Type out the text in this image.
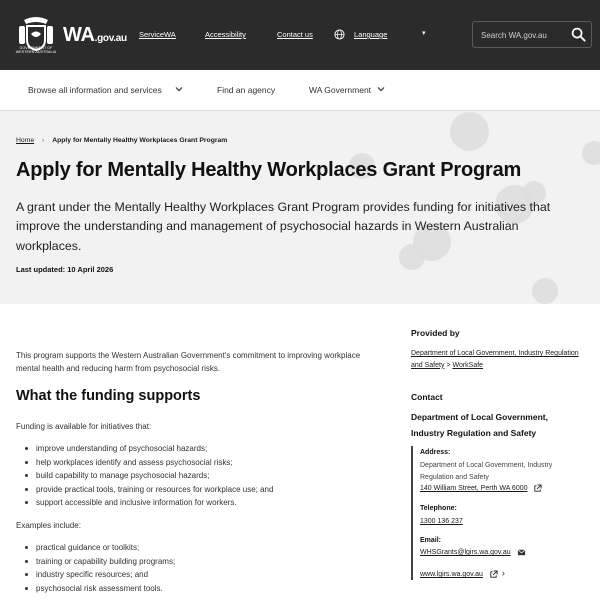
GOVERNMENT OF WESTERN AUSTRALIA
WA.gov.au ServiceWA	Accessibility	Contact us	Language	▾
Search WA.gov.au
Browse all information and services	Find an agency	WA Government
Home › Apply for Mentally Healthy Workplaces Grant Program
Apply for Mentally Healthy Workplaces Grant Program

A grant under the Mentally Healthy Workplaces Grant Program provides funding for initiatives that improve the understanding and management of psychosocial hazards in Western Australian workplaces.

Last updated: 10 April 2026

This program supports the Western Australian Government's commitment to improving workplace mental health and reducing harm from psychosocial risks.

What the funding supports

Funding is available for initiatives that:

improve understanding of psychosocial hazards;
help workplaces identify and assess psychosocial risks;
build capability to manage psychosocial hazards;
provide practical tools, training or resources for workplace use; and
support accessible and inclusive information for workers.

Examples include:

practical guidance or toolkits;
training or capability building programs;
industry specific resources; and
psychosocial risk assessment tools.
Provided by
Department of Local Government, Industry Regulation and Safety > WorkSafe
Contact
Department of Local Government, Industry Regulation and Safety
Address:
Department of Local Government, Industry Regulation and Safety
140 William Street, Perth WA 6000
Telephone:
1300 136 237
Email:
WHSGrants@lgirs.wa.gov.au
www.lgirs.wa.gov.au ›
